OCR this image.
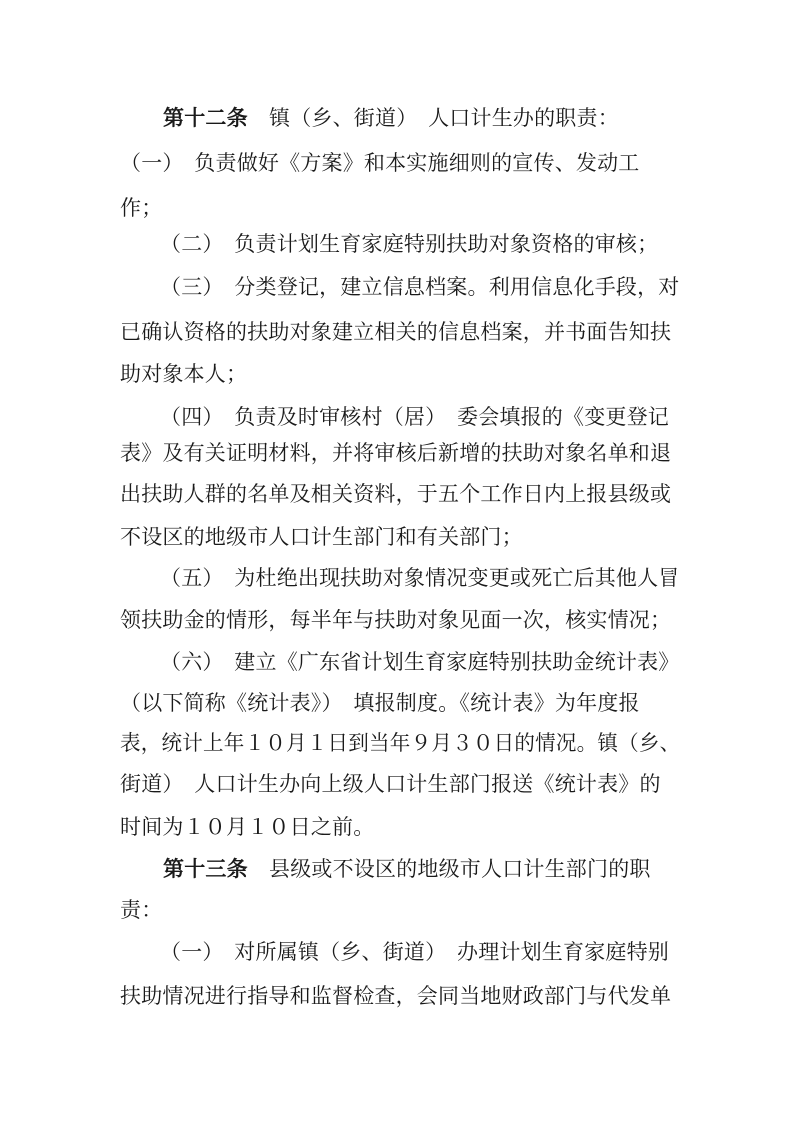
第十二条　镇（乡、街道）　人口计生办的职责：
（一）　负责做好《方案》和本实施细则的宣传、发动工
作；
（二）　负责计划生育家庭特别扶助对象资格的审核；
（三）　分类登记，建立信息档案。利用信息化手段，对
已确认资格的扶助对象建立相关的信息档案，并书面告知扶
助对象本人；
（四）　负责及时审核村（居）　委会填报的《变更登记
表》及有关证明材料，并将审核后新增的扶助对象名单和退
出扶助人群的名单及相关资料，于五个工作日内上报县级或
不设区的地级市人口计生部门和有关部门；
（五）　为杜绝出现扶助对象情况变更或死亡后其他人冒
领扶助金的情形，每半年与扶助对象见面一次，核实情况；
（六）　建立《广东省计划生育家庭特别扶助金统计表》
（以下简称《统计表》）　填报制度。《统计表》为年度报
表，统计上年１０月１日到当年９月３０日的情况。镇（乡、
街道）　人口计生办向上级人口计生部门报送《统计表》的
时间为１０月１０日之前。
第十三条　县级或不设区的地级市人口计生部门的职
责：
（一）　对所属镇（乡、街道）　办理计划生育家庭特别
扶助情况进行指导和监督检查，会同当地财政部门与代发单
